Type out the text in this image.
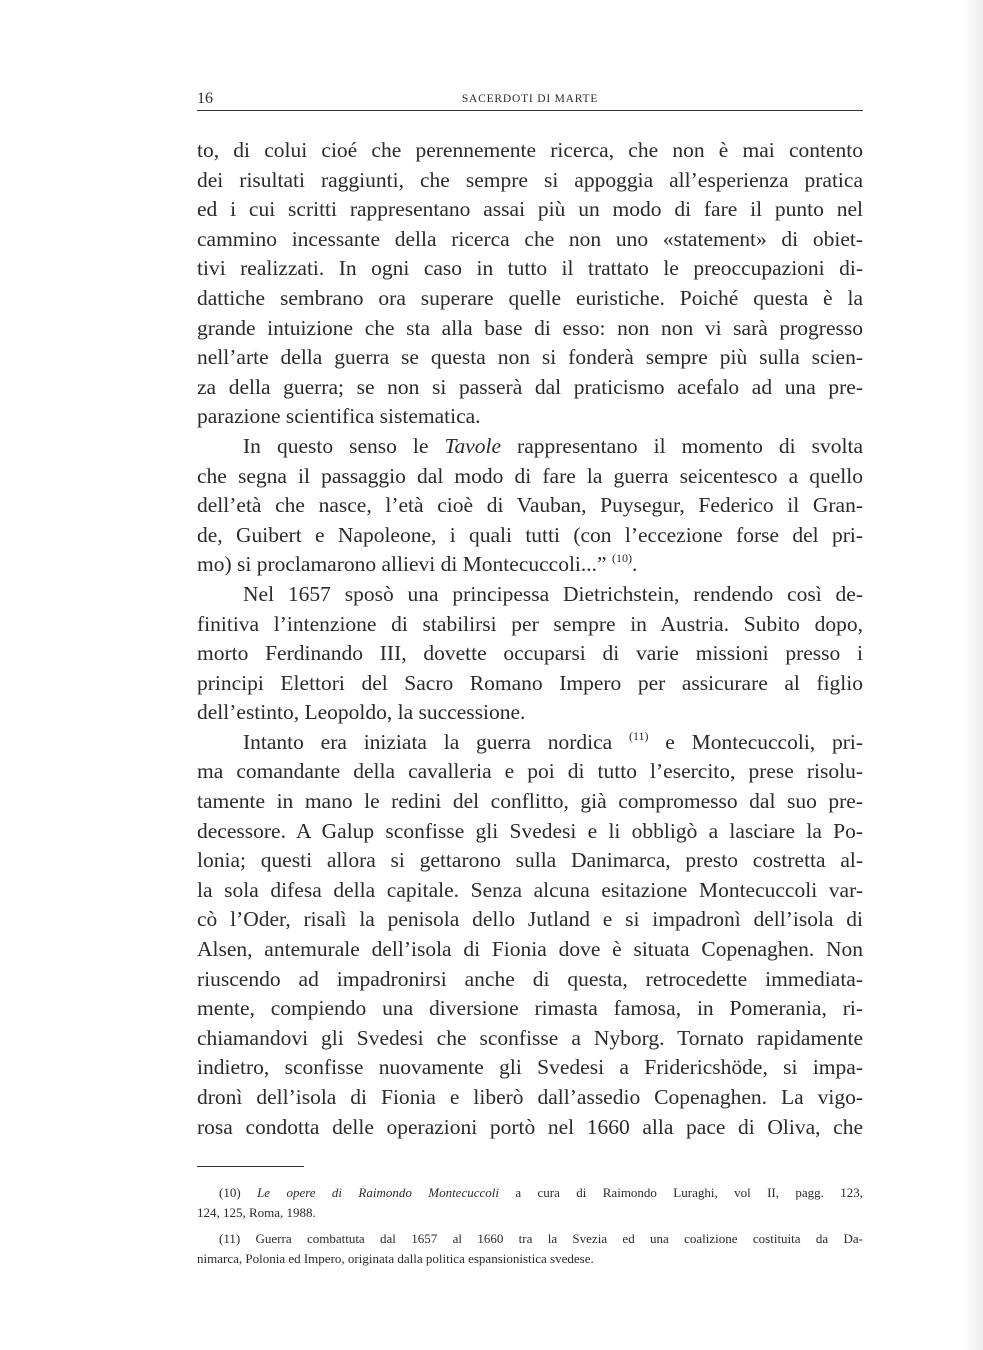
16	SACERDOTI DI MARTE
to, di colui cioé che perennemente ricerca, che non è mai contento
dei risultati raggiunti, che sempre si appoggia all’esperienza pratica
ed i cui scritti rappresentano assai più un modo di fare il punto nel
cammino incessante della ricerca che non uno «statement» di obiet-
tivi realizzati. In ogni caso in tutto il trattato le preoccupazioni di-
dattiche sembrano ora superare quelle euristiche. Poiché questa è la
grande intuizione che sta alla base di esso: non non vi sarà progresso
nell’arte della guerra se questa non si fonderà sempre più sulla scien-
za della guerra; se non si passerà dal praticismo acefalo ad una pre-
parazione scientifica sistematica.
In questo senso le Tavole rappresentano il momento di svolta
che segna il passaggio dal modo di fare la guerra seicentesco a quello
dell’età che nasce, l’età cioè di Vauban, Puysegur, Federico il Gran-
de, Guibert e Napoleone, i quali tutti (con l’eccezione forse del pri-
mo) si proclamarono allievi di Montecuccoli...” $^{(10)}$.
Nel 1657 sposò una principessa Dietrichstein, rendendo così de-
finitiva l’intenzione di stabilirsi per sempre in Austria. Subito dopo,
morto Ferdinando III, dovette occuparsi di varie missioni presso i
principi Elettori del Sacro Romano Impero per assicurare al figlio
dell’estinto, Leopoldo, la successione.
Intanto era iniziata la guerra nordica $^{(11)}$ e Montecuccoli, pri-
ma comandante della cavalleria e poi di tutto l’esercito, prese risolu-
tamente in mano le redini del conflitto, già compromesso dal suo pre-
decessore. A Galup sconfisse gli Svedesi e li obbligò a lasciare la Po-
lonia; questi allora si gettarono sulla Danimarca, presto costretta al-
la sola difesa della capitale. Senza alcuna esitazione Montecuccoli var-
cò l’Oder, risalì la penisola dello Jutland e si impadronì dell’isola di
Alsen, antemurale dell’isola di Fionia dove è situata Copenaghen. Non
riuscendo ad impadronirsi anche di questa, retrocedette immediata-
mente, compiendo una diversione rimasta famosa, in Pomerania, ri-
chiamandovi gli Svedesi che sconfisse a Nyborg. Tornato rapidamente
indietro, sconfisse nuovamente gli Svedesi a Fridericshöde, si impa-
dronì dell’isola di Fionia e liberò dall’assedio Copenaghen. La vigo-
rosa condotta delle operazioni portò nel 1660 alla pace di Oliva, che
(10) Le opere di Raimondo Montecuccoli a cura di Raimondo Luraghi, vol II, pagg. 123,
124, 125, Roma, 1988.
(11) Guerra combattuta dal 1657 al 1660 tra la Svezia ed una coalizione costituita da Da-
nimarca, Polonia ed Impero, originata dalla politica espansionistica svedese.
